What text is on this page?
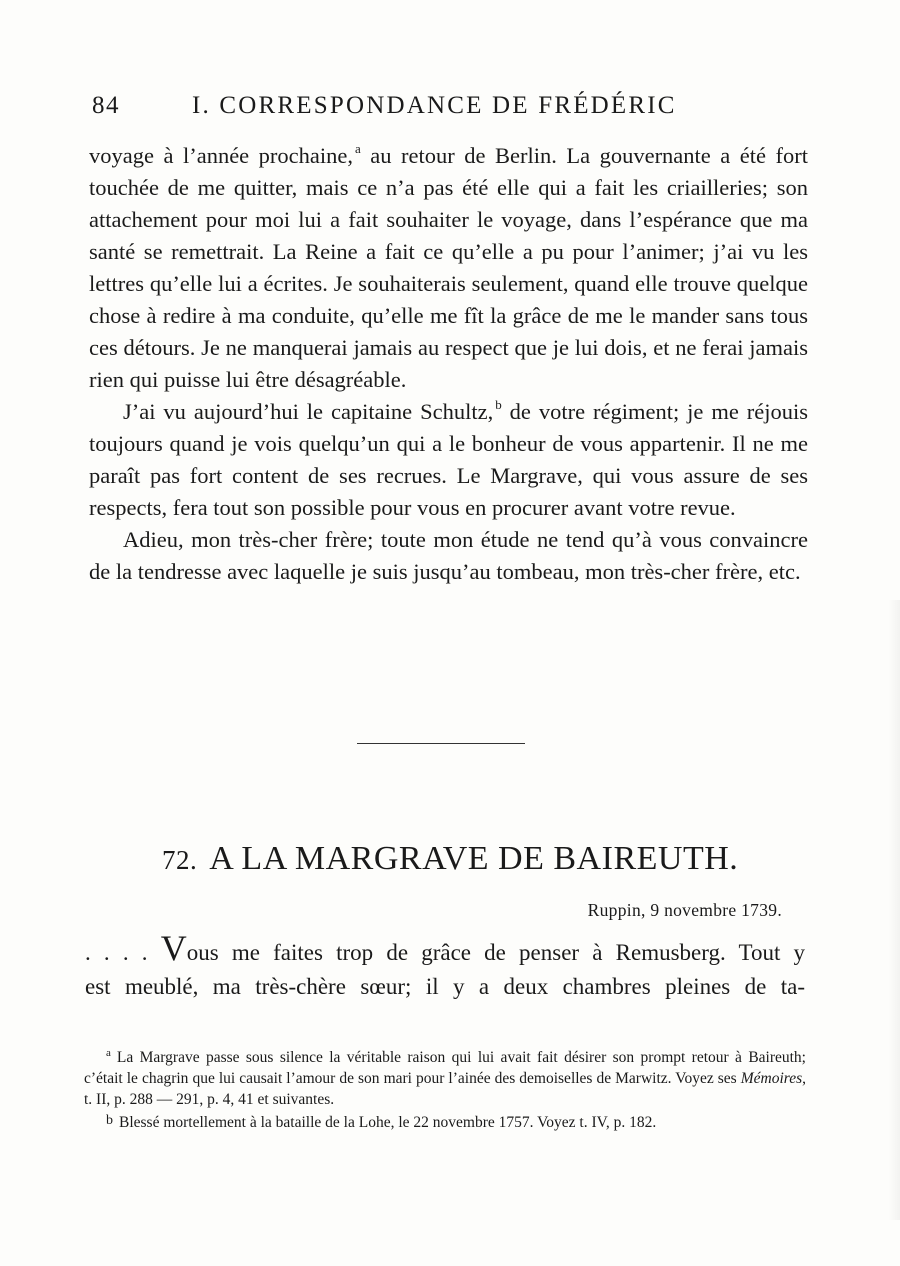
84	I. CORRESPONDANCE DE FRÉDÉRIC

voyage à l’année prochaine, $^a$ au retour de Berlin. La gouvernante a été fort touchée de me quitter, mais ce n’a pas été elle qui a fait les criailleries; son attachement pour moi lui a fait souhaiter le voyage, dans l’espérance que ma santé se remettrait. La Reine a fait ce qu’elle a pu pour l’animer; j’ai vu les lettres qu’elle lui a écrites. Je souhaiterais seulement, quand elle trouve quelque chose à redire à ma conduite, qu’elle me fît la grâce de me le mander sans tous ces détours. Je ne manquerai jamais au respect que je lui dois, et ne ferai jamais rien qui puisse lui être désagréable.

J’ai vu aujourd’hui le capitaine Schultz, $^b$ de votre régiment; je me réjouis toujours quand je vois quelqu’un qui a le bonheur de vous appartenir. Il ne me paraît pas fort content de ses recrues. Le Margrave, qui vous assure de ses respects, fera tout son possible pour vous en procurer avant votre revue.

Adieu, mon très-cher frère; toute mon étude ne tend qu’à vous convaincre de la tendresse avec laquelle je suis jusqu’au tombeau, mon très-cher frère, etc.

72. A LA MARGRAVE DE BAIREUTH.
Ruppin, 9 novembre 1739.

. . . . Vous me faites trop de grâce de penser à Remusberg. Tout y

est meublé, ma très-chère sœur; il y a deux chambres pleines de ta-

$^a$ La Margrave passe sous silence la véritable raison qui lui avait fait désirer son prompt retour à Baireuth; c’était le chagrin que lui causait l’amour de son mari pour l’ainée des demoiselles de Marwitz. Voyez ses Mémoires, t. II, p. 288 — 291, p. 4, 41 et suivantes.

b Blessé mortellement à la bataille de la Lohe, le 22 novembre 1757. Voyez t. IV, p. 182.
